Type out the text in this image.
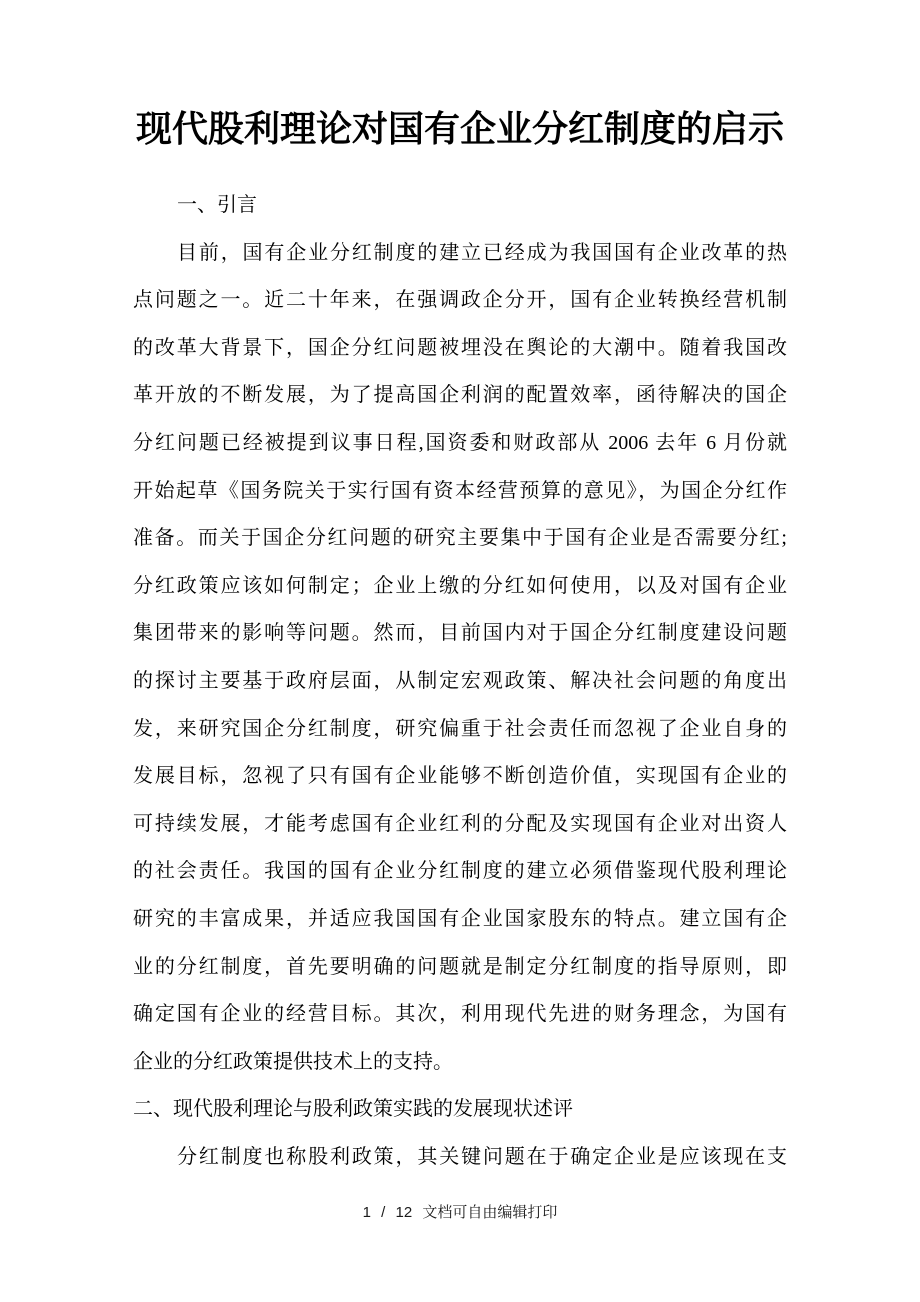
现代股利理论对国有企业分红制度的启示
一、引言
目前，国有企业分红制度的建立已经成为我国国有企业改革的热
点问题之一。近二十年来，在强调政企分开，国有企业转换经营机制
的改革大背景下，国企分红问题被埋没在舆论的大潮中。随着我国改
革开放的不断发展，为了提高国企利润的配置效率，函待解决的国企
分红问题已经被提到议事日程,国资委和财政部从 2006 去年 6 月份就
开始起草《国务院关于实行国有资本经营预算的意见》，为国企分红作
准备。而关于国企分红问题的研究主要集中于国有企业是否需要分红;
分红政策应该如何制定；企业上缴的分红如何使用，以及对国有企业
集团带来的影响等问题。然而，目前国内对于国企分红制度建设问题
的探讨主要基于政府层面，从制定宏观政策、解决社会问题的角度出
发，来研究国企分红制度，研究偏重于社会责任而忽视了企业自身的
发展目标，忽视了只有国有企业能够不断创造价值，实现国有企业的
可持续发展，才能考虑国有企业红利的分配及实现国有企业对出资人
的社会责任。我国的国有企业分红制度的建立必须借鉴现代股利理论
研究的丰富成果，并适应我国国有企业国家股东的特点。建立国有企
业的分红制度，首先要明确的问题就是制定分红制度的指导原则，即
确定国有企业的经营目标。其次，利用现代先进的财务理念，为国有
企业的分红政策提供技术上的支持。
二、现代股利理论与股利政策实践的发展现状述评
分红制度也称股利政策，其关键问题在于确定企业是应该现在支
1 / 12 文档可自由编辑打印
